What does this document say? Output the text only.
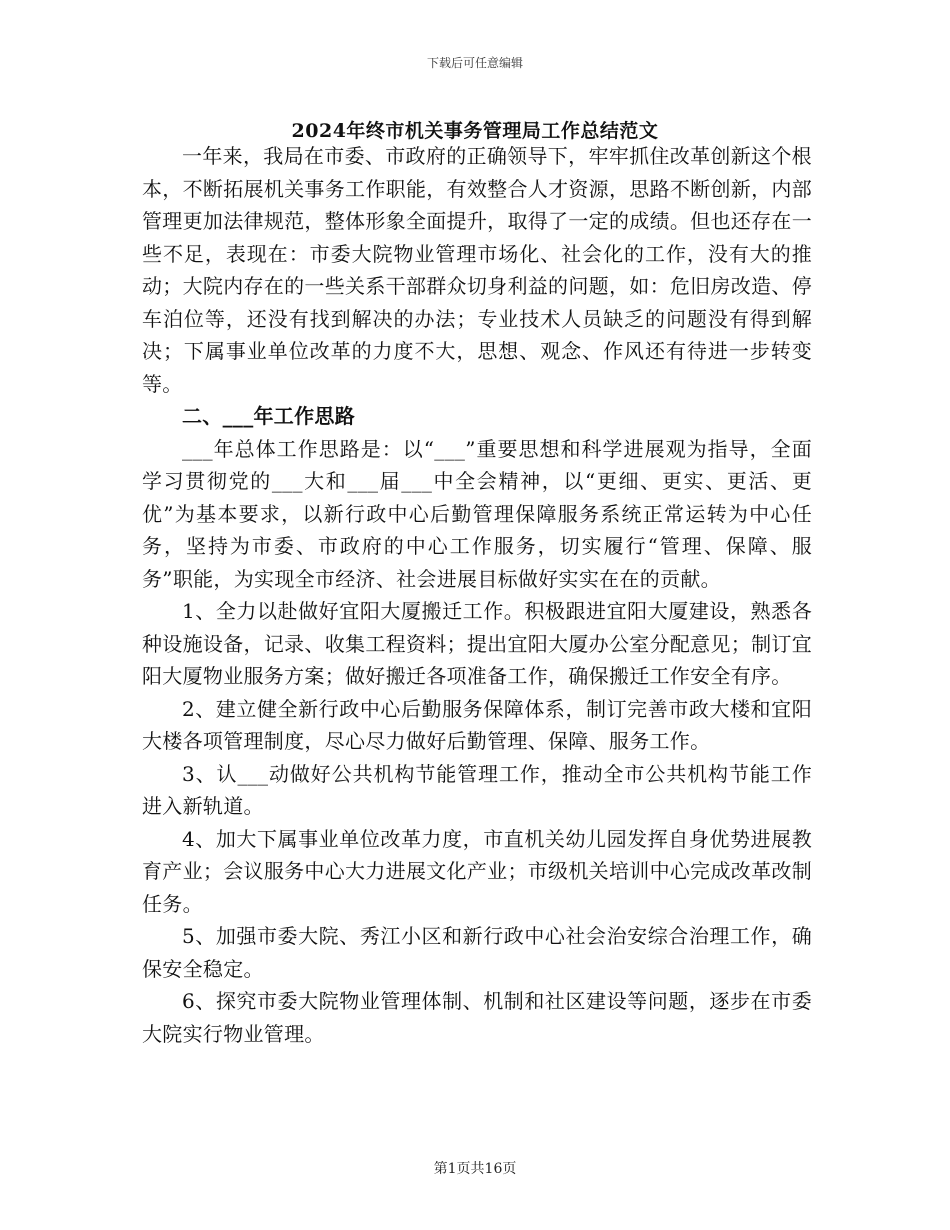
下载后可任意编辑
2024年终市机关事务管理局工作总结范文

一年来，我局在市委、市政府的正确领导下，牢牢抓住改革创新这个根本，不断拓展机关事务工作职能，有效整合人才资源，思路不断创新，内部管理更加法律规范，整体形象全面提升，取得了一定的成绩。但也还存在一些不足，表现在：市委大院物业管理市场化、社会化的工作，没有大的推动；大院内存在的一些关系干部群众切身利益的问题，如：危旧房改造、停车泊位等，还没有找到解决的办法；专业技术人员缺乏的问题没有得到解决；下属事业单位改革的力度不大，思想、观念、作风还有待进一步转变等。

二、___年工作思路

___年总体工作思路是：以“___”重要思想和科学进展观为指导，全面学习贯彻党的___大和___届___中全会精神，以“更细、更实、更活、更优”为基本要求，以新行政中心后勤管理保障服务系统正常运转为中心任务，坚持为市委、市政府的中心工作服务，切实履行“管理、保障、服务”职能，为实现全市经济、社会进展目标做好实实在在的贡献。

1、全力以赴做好宜阳大厦搬迁工作。积极跟进宜阳大厦建设，熟悉各种设施设备，记录、收集工程资料；提出宜阳大厦办公室分配意见；制订宜阳大厦物业服务方案；做好搬迁各项准备工作，确保搬迁工作安全有序。

2、建立健全新行政中心后勤服务保障体系，制订完善市政大楼和宜阳大楼各项管理制度，尽心尽力做好后勤管理、保障、服务工作。

3、认___动做好公共机构节能管理工作，推动全市公共机构节能工作进入新轨道。

4、加大下属事业单位改革力度，市直机关幼儿园发挥自身优势进展教育产业；会议服务中心大力进展文化产业；市级机关培训中心完成改革改制任务。

5、加强市委大院、秀江小区和新行政中心社会治安综合治理工作，确保安全稳定。

6、探究市委大院物业管理体制、机制和社区建设等问题，逐步在市委大院实行物业管理。

第1页共16页
